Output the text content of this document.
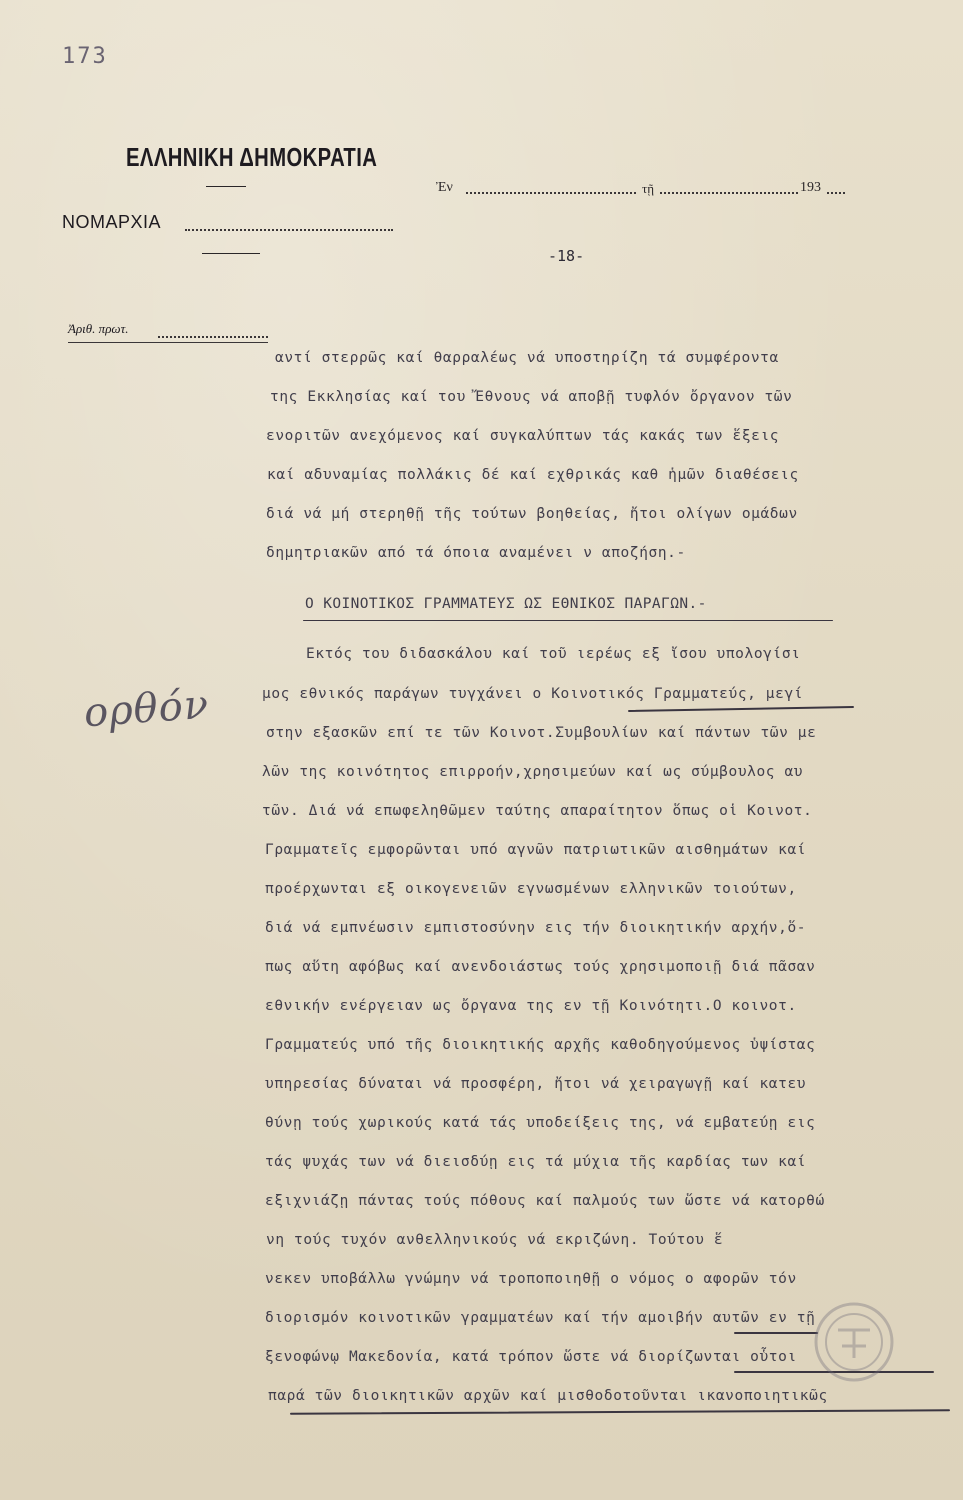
173
ΕΛΛΗΝΙΚΗ ΔΗΜΟΚΡΑΤΙΑ
Ἐν	τῇ	193
ΝΟΜΑΡΧΙΑ
-18-
Ἀριθ. πρωτ.
ορθόν
αντί στερρῶς καί θαρραλέως νά υποστηρίζη τά συμφέροντα
της Εκκλησίας καί του Ἔθνους νά αποβῇ τυφλόν ὄργανον τῶν
ενοριτῶν ανεχόμενος καί συγκαλύπτων τάς κακάς των ἕξεις
καί αδυναμίας πολλάκις δέ καί εχθρικάς καθ ἡμῶν διαθέσεις
διά νά μή στερηθῇ τῆς τούτων βοηθείας, ἤτοι ολίγων ομάδων
δημητριακῶν από τά όποια αναμένει ν αποζήση.-
Ο ΚΟΙΝΟΤΙΚΟΣ ΓΡΑΜΜΑΤΕΥΣ ΩΣ ΕΘΝΙΚΟΣ ΠΑΡΑΓΩΝ.-
Εκτός του διδασκάλου καί τοῦ ιερέως εξ ἴσου υπολογίσι
μος εθνικός παράγων τυγχάνει ο Κοινοτικός Γραμματεύς, μεγί
στην εξασκῶν επί τε τῶν Κοινοτ.Συμβουλίων καί πάντων τῶν με
λῶν της κοινότητος επιρροήν,χρησιμεύων καί ως σύμβουλος αυ
τῶν. Διά νά επωφεληθῶμεν ταύτης απαραίτητον ὅπως οἱ Κοινοτ.
Γραμματεῖς εμφορῶνται υπό αγνῶν πατριωτικῶν αισθημάτων καί
προέρχωνται εξ οικογενειῶν εγνωσμένων ελληνικῶν τοιούτων,
διά νά εμπνέωσιν εμπιστοσύνην εις τήν διοικητικήν αρχήν,ὅ-
πως αὕτη αφόβως καί ανενδοιάστως τούς χρησιμοποιῇ διά πᾶσαν
εθνικήν ενέργειαν ως ὄργανα της εν τῇ Κοινότητι.Ο κοινοτ.
Γραμματεύς υπό τῆς διοικητικής αρχῆς καθοδηγούμενος ὑψίστας
υπηρεσίας δύναται νά προσφέρη, ἤτοι νά χειραγωγῇ καί κατευ
θύνῃ τούς χωρικούς κατά τάς υποδείξεις της, νά εμβατεύῃ εις
τάς ψυχάς των νά διεισδύῃ εις τά μύχια τῆς καρδίας των καί
εξιχνιάζῃ πάντας τούς πόθους καί παλμούς των ὥστε νά κατορθώ
νη τούς τυχόν ανθελληνικούς νά εκριζώνη. Τούτου ἕ
νεκεν υποβάλλω γνώμην νά τροποποιηθῇ ο νόμος ο αφορῶν τόν
διορισμόν κοινοτικῶν γραμματέων καί τήν αμοιβήν αυτῶν εν τῇ
ξενοφώνῳ Μακεδονία, κατά τρόπον ὥστε νά διορίζωνται οὗτοι
παρά τῶν διοικητικῶν αρχῶν καί μισθοδοτοῦνται ικανοποιητικῶς
